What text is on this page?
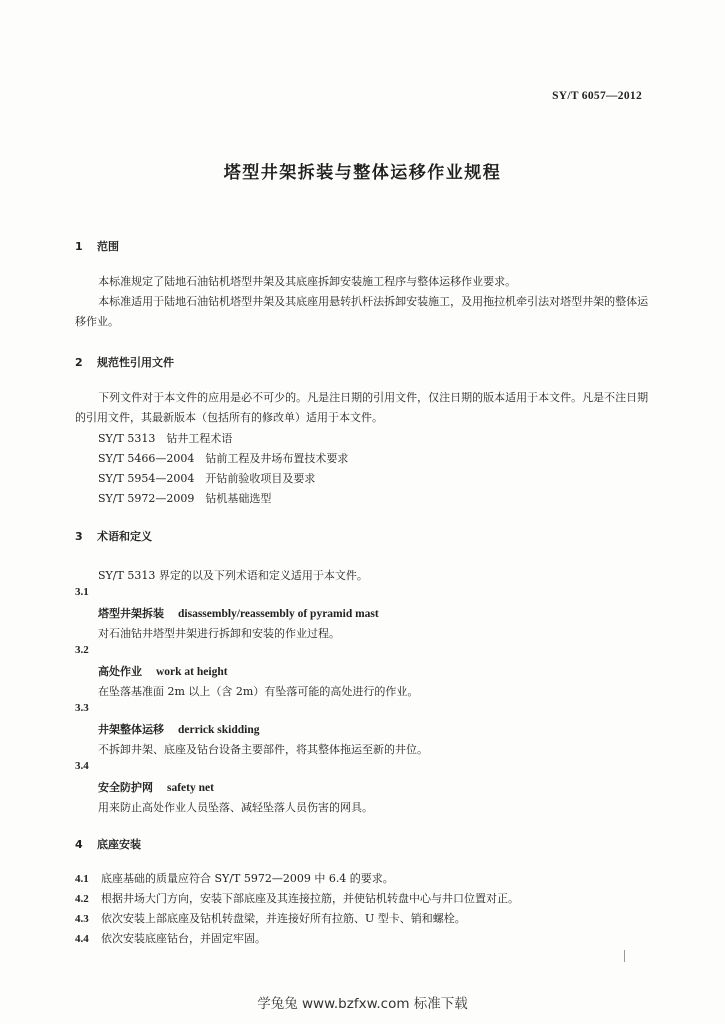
SY/T 6057—2012
塔型井架拆装与整体运移作业规程
1 范围

本标准规定了陆地石油钻机塔型井架及其底座拆卸安装施工程序与整体运移作业要求。

本标准适用于陆地石油钻机塔型井架及其底座用悬转扒杆法拆卸安装施工，及用拖拉机牵引法对塔型井架的整体运移作业。

2 规范性引用文件

下列文件对于本文件的应用是必不可少的。凡是注日期的引用文件，仅注日期的版本适用于本文件。凡是不注日期的引用文件，其最新版本（包括所有的修改单）适用于本文件。

SY/T 5313　钻井工程术语
SY/T 5466—2004　钻前工程及井场布置技术要求
SY/T 5954—2004　开钻前验收项目及要求
SY/T 5972—2009　钻机基础选型
3 术语和定义
SY/T 5313 界定的以及下列术语和定义适用于本文件。
3.1
塔型井架拆装 disassembly/reassembly of pyramid mast
对石油钻井塔型井架进行拆卸和安装的作业过程。
3.2
高处作业 work at height
在坠落基准面 2m 以上（含 2m）有坠落可能的高处进行的作业。
3.3
井架整体运移 derrick skidding
不拆卸井架、底座及钻台设备主要部件，将其整体拖运至新的井位。
3.4
安全防护网 safety net
用来防止高处作业人员坠落、减轻坠落人员伤害的网具。
4 底座安装
4.1 底座基础的质量应符合 SY/T 5972—2009 中 6.4 的要求。
4.2 根据井场大门方向，安装下部底座及其连接拉筋，并使钻机转盘中心与井口位置对正。
4.3 依次安装上部底座及钻机转盘梁，并连接好所有拉筋、U 型卡、销和螺栓。
4.4 依次安装底座钻台，并固定牢固。
学兔兔 www.bzfxw.com 标准下载
